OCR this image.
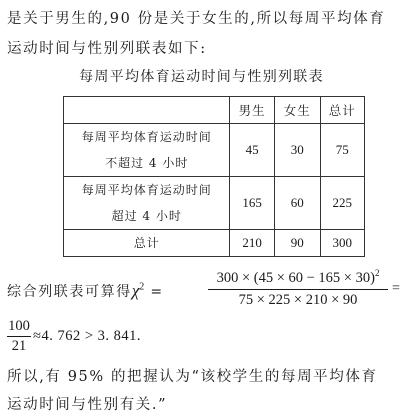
是关于男生的,90 份是关于女生的,所以每周平均体育
运动时间与性别列联表如下:
每周平均体育运动时间与性别列联表
	男生	女生	总计

每周平均体育运动时间
不超过 4 小时	45	30	75

每周平均体育运动时间
超过 4 小时	165	60	225
总计	210	90	300
综合列联表可算得$\chi^2$ =	$\frac{300 \times (45 \times 60 - 165 \times 30)^2}{75 \times 225 \times 210 \times 90}$ =
$\frac{100}{21} \approx 4$. 762 > 3. 841.
所以,有 95% 的把握认为“该校学生的每周平均体育
运动时间与性别有关.”
